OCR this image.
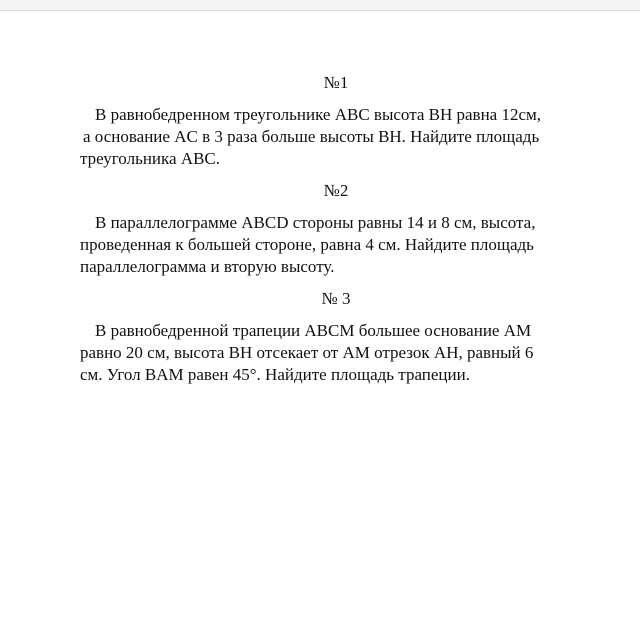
№1
В равнобедренном треугольнике ABC высота BH равна 12см,
а основание AC в 3 раза больше высоты BH. Найдите площадь
треугольника ABC.
№2
В параллелограмме ABCD стороны равны 14 и 8 см, высота,
проведенная к большей стороне, равна 4 см. Найдите площадь
параллелограмма и вторую высоту.
№ 3
В равнобедренной трапеции ABCM большее основание AM
равно 20 см, высота BH отсекает от AM отрезок AH, равный 6
см. Угол BAM равен 45°. Найдите площадь трапеции.
